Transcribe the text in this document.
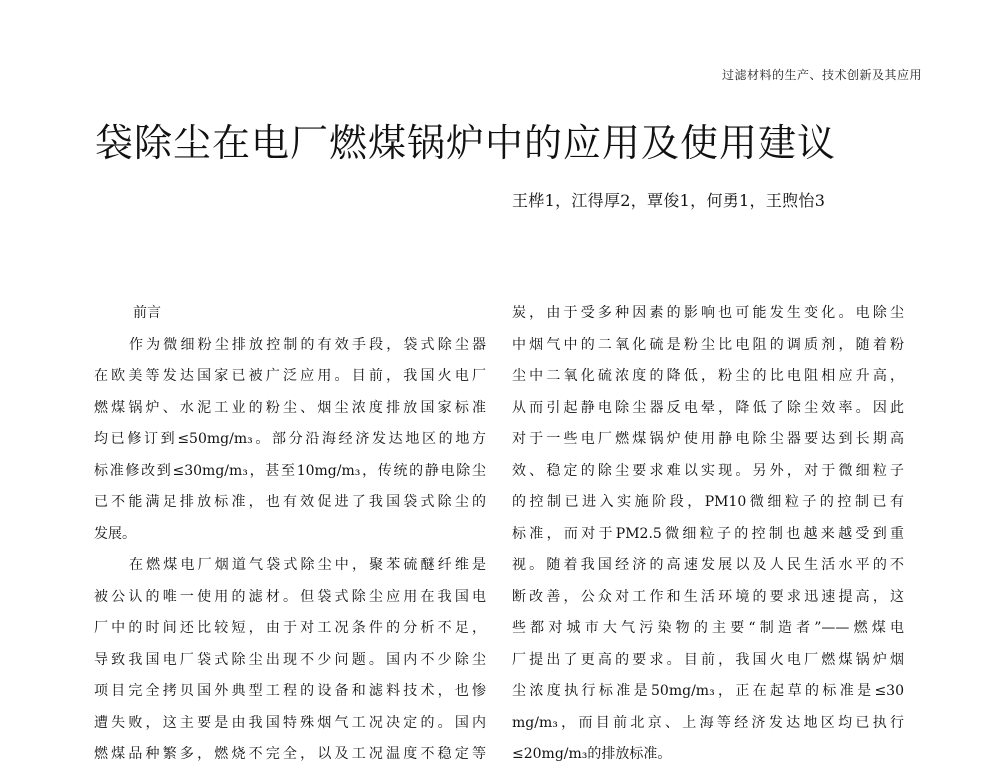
过滤材料的生产、技术创新及其应用
袋除尘在电厂燃煤锅炉中的应用及使用建议
王桦1，江得厚2，覃俊1，何勇1，王煦怡3
前言
作为微细粉尘排放控制的有效手段，袋式除尘器
在欧美等发达国家已被广泛应用。目前，我国火电厂
燃煤锅炉、水泥工业的粉尘、烟尘浓度排放国家标准
均已修订到≤50mg/m₃。部分沿海经济发达地区的地方
标准修改到≤30mg/m₃，甚至10mg/m₃，传统的静电除尘
已不能满足排放标准，也有效促进了我国袋式除尘的
发展。
在燃煤电厂烟道气袋式除尘中，聚苯硫醚纤维是
被公认的唯一使用的滤材。但袋式除尘应用在我国电
厂中的时间还比较短，由于对工况条件的分析不足，
导致我国电厂袋式除尘出现不少问题。国内不少除尘
项目完全拷贝国外典型工程的设备和滤料技术，也惨
遭失败，这主要是由我国特殊烟气工况决定的。国内
燃煤品种繁多，燃烧不完全，以及工况温度不稳定等
炭，由于受多种因素的影响也可能发生变化。电除尘
中烟气中的二氧化硫是粉尘比电阻的调质剂，随着粉
尘中二氧化硫浓度的降低，粉尘的比电阻相应升高，
从而引起静电除尘器反电晕，降低了除尘效率。因此
对于一些电厂燃煤锅炉使用静电除尘器要达到长期高
效、稳定的除尘要求难以实现。另外，对于微细粒子
的控制已进入实施阶段，PM10微细粒子的控制已有
标准，而对于PM2.5微细粒子的控制也越来越受到重
视。随着我国经济的高速发展以及人民生活水平的不
断改善，公众对工作和生活环境的要求迅速提高，这
些都对城市大气污染物的主要“制造者”——燃煤电
厂提出了更高的要求。目前，我国火电厂燃煤锅炉烟
尘浓度执行标准是50mg/m₃，正在起草的标准是≤30
mg/m₃，而目前北京、上海等经济发达地区均已执行
≤20mg/m₃的排放标准。
